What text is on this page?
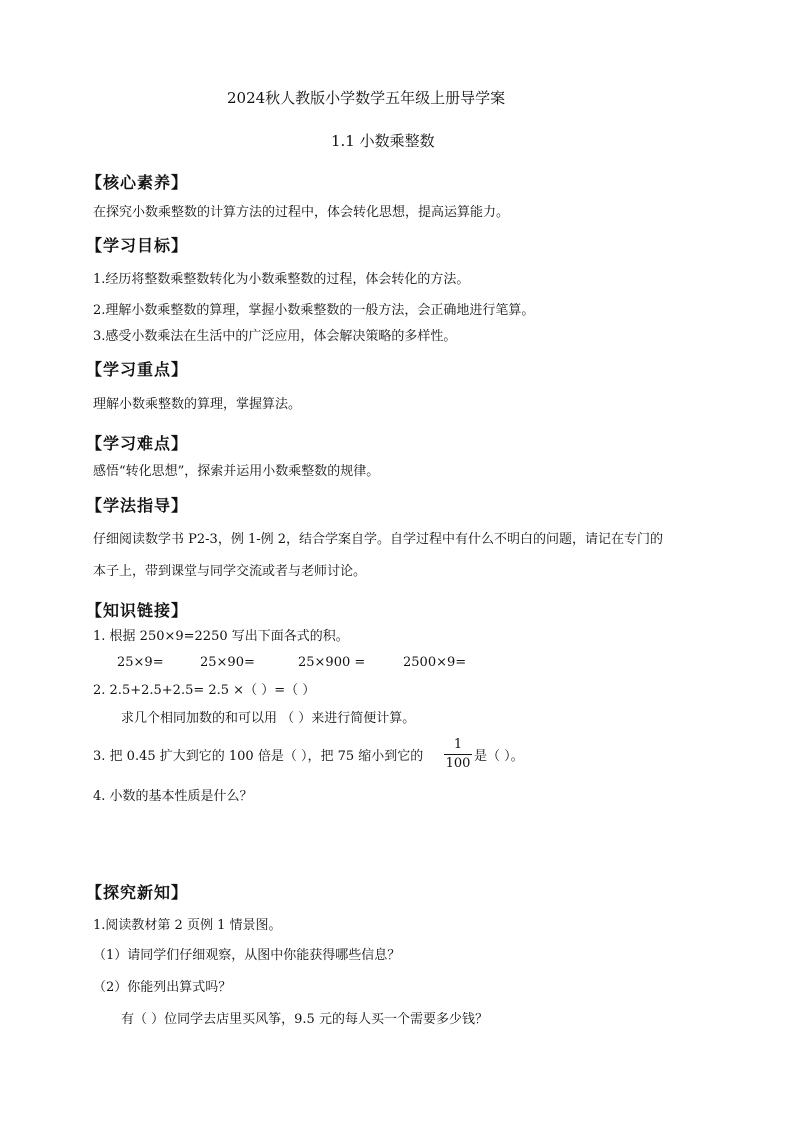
2024秋人教版小学数学五年级上册导学案
1.1 小数乘整数
【核心素养】
在探究小数乘整数的计算方法的过程中，体会转化思想，提高运算能力。
【学习目标】
1.经历将整数乘整数转化为小数乘整数的过程，体会转化的方法。
2.理解小数乘整数的算理，掌握小数乘整数的一般方法，会正确地进行笔算。
3.感受小数乘法在生活中的广泛应用，体会解决策略的多样性。
【学习重点】
理解小数乘整数的算理，掌握算法。
【学习难点】
感悟“转化思想”，探索并运用小数乘整数的规律。
【学法指导】
仔细阅读数学书 P2-3，例 1-例 2，结合学案自学。自学过程中有什么不明白的问题，请记在专门的
本子上，带到课堂与同学交流或者与老师讨论。
【知识链接】
1. 根据 250×9=2250 写出下面各式的积。
25×9=	25×90=	25×900 =	2500×9=
2. 2.5+2.5+2.5= 2.5 ×（ ）=（ ）
求几个相同加数的和可以用 （ ）来进行简便计算。
3. 把 0.45 扩大到它的 100 倍是（ ），把 75 缩小到它的
1
100 是（ ）。
4. 小数的基本性质是什么？
【探究新知】
1.阅读教材第 2 页例 1 情景图。
（1）请同学们仔细观察，从图中你能获得哪些信息？
（2）你能列出算式吗？
有（ ）位同学去店里买风筝，9.5 元的每人买一个需要多少钱？
